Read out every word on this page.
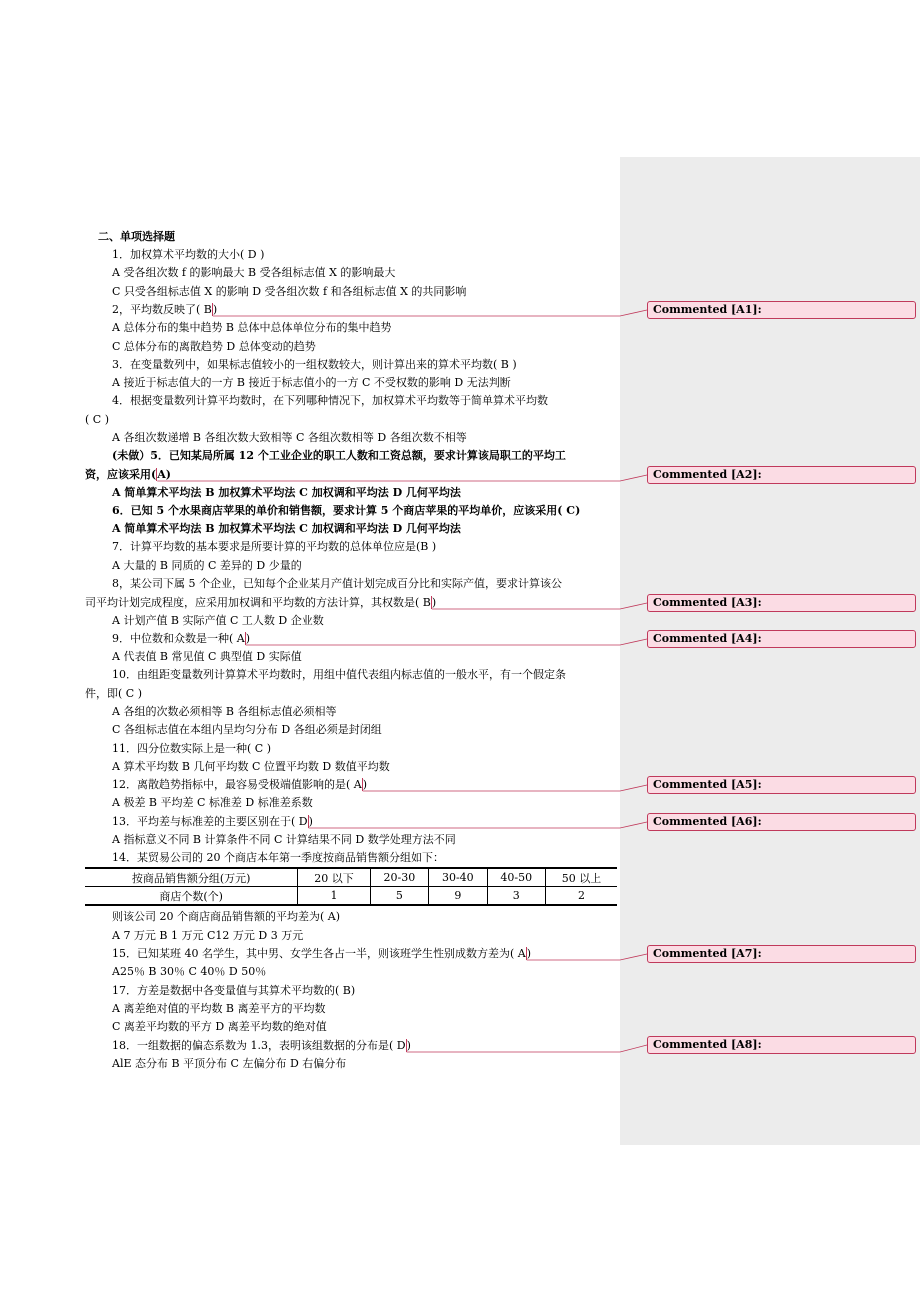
二、单项选择题
1．加权算术平均数的大小( D )
A 受各组次数 f 的影响最大 B 受各组标志值 X 的影响最大
C 只受各组标志值 X 的影响 D 受各组次数 f 和各组标志值 X 的共同影响
A 总体分布的集中趋势 B 总体中总体单位分布的集中趋势
C 总体分布的离散趋势 D 总体变动的趋势
3．在变量数列中，如果标志值较小的一组权数较大，则计算出来的算术平均数( B )
A 接近于标志值大的一方 B 接近于标志值小的一方 C 不受权数的影响 D 无法判断
4．根据变量数列计算平均数时，在下列哪种情况下，加权算术平均数等于简单算术平均数
( C )
A 各组次数递增 B 各组次数大致相等 C 各组次数相等 D 各组次数不相等
(未做）5．已知某局所属 12 个工业企业的职工人数和工资总额，要求计算该局职工的平均工
A 简单算术平均法 B 加权算术平均法 C 加权调和平均法 D 几何平均法
6．已知 5 个水果商店苹果的单价和销售额，要求计算 5 个商店苹果的平均单价，应该采用( C)
A 简单算术平均法 B 加权算术平均法 C 加权调和平均法 D 几何平均法
7．计算平均数的基本要求是所要计算的平均数的总体单位应是(B )
A 大量的 B 同质的 C 差异的 D 少量的
8，某公司下属 5 个企业，已知每个企业某月产值计划完成百分比和实际产值，要求计算该公
A 计划产值 B 实际产值 C 工人数 D 企业数
A 代表值 B 常见值 C 典型值 D 实际值
10．由组距变量数列计算算术平均数时，用组中值代表组内标志值的一般水平，有一个假定条
件，即( C )
A 各组的次数必须相等 B 各组标志值必须相等
C 各组标志值在本组内呈均匀分布 D 各组必须是封闭组
11．四分位数实际上是一种( C )
A 算术平均数 B 几何平均数 C 位置平均数 D 数值平均数
A 极差 B 平均差 C 标准差 D 标准差系数
A 指标意义不同 B 计算条件不同 C 计算结果不同 D 数学处理方法不同
14．某贸易公司的 20 个商店本年第一季度按商品销售额分组如下：
则该公司 20 个商店商品销售额的平均差为( A)
A 7 万元 B 1 万元 C12 万元 D 3 万元
A25％ B 30％ C 40％ D 50％
17．方差是数据中各变量值与其算术平均数的( B)
A 离差绝对值的平均数 B 离差平方的平均数
C 离差平均数的平方 D 离差平均数的绝对值
AlE 态分布 B 平顶分布 C 左偏分布 D 右偏分布
2，平均数反映了( B)
资，应该采用(A)
司平均计划完成程度，应采用加权调和平均数的方法计算，其权数是( B)
9．中位数和众数是一种( A)
12．离散趋势指标中，最容易受极端值影响的是( A)
13．平均差与标准差的主要区别在于( D)
15．已知某班 40 名学生，其中男、女学生各占一半，则该班学生性别成数方差为( A)
18．一组数据的偏态系数为 1.3，表明该组数据的分布是( D)
按商品销售额分组(万元)	20 以下	20-30	30-40	40-50	50 以上
商店个数(个)	1	5	9	3	2
Commented [A1]:
Commented [A2]:
Commented [A3]:
Commented [A4]:
Commented [A5]:
Commented [A6]:
Commented [A7]:
Commented [A8]:
